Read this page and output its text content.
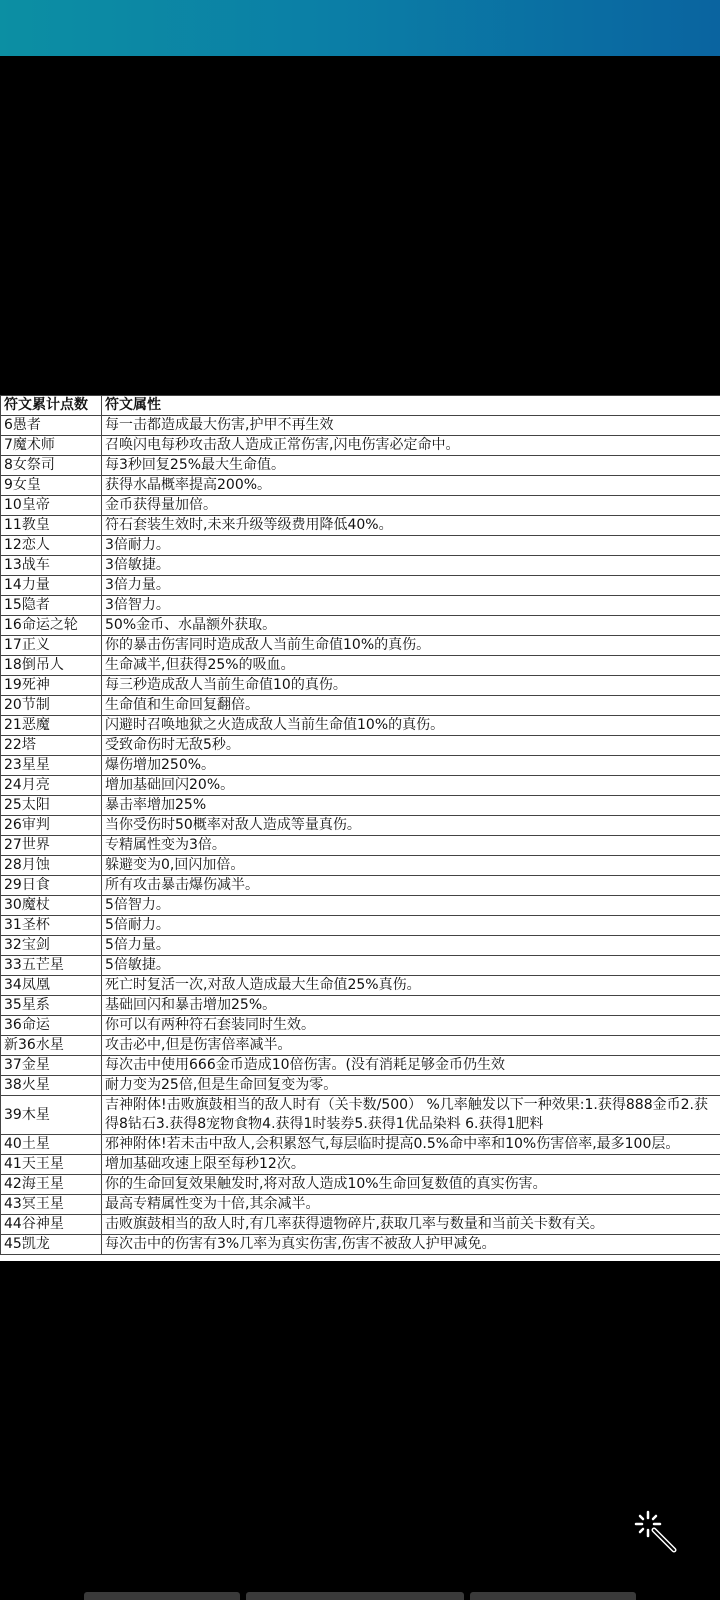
符文累计点数	符文属性
6愚者	每一击都造成最大伤害,护甲不再生效
7魔术师	召唤闪电每秒攻击敌人造成正常伤害,闪电伤害必定命中。
8女祭司	每3秒回复25%最大生命值。
9女皇	获得水晶概率提高200%。
10皇帝	金币获得量加倍。
11教皇	符石套装生效时,未来升级等级费用降低40%。
12恋人	3倍耐力。
13战车	3倍敏捷。
14力量	3倍力量。
15隐者	3倍智力。
16命运之轮	50%金币、水晶额外获取。
17正义	你的暴击伤害同时造成敌人当前生命值10%的真伤。
18倒吊人	生命减半,但获得25%的吸血。
19死神	每三秒造成敌人当前生命值10的真伤。
20节制	生命值和生命回复翻倍。
21恶魔	闪避时召唤地狱之火造成敌人当前生命值10%的真伤。
22塔	受致命伤时无敌5秒。
23星星	爆伤增加250%。
24月亮	增加基础回闪20%。
25太阳	暴击率增加25%
26审判	当你受伤时50概率对敌人造成等量真伤。
27世界	专精属性变为3倍。
28月蚀	躲避变为0,回闪加倍。
29日食	所有攻击暴击爆伤减半。
30魔杖	5倍智力。
31圣杯	5倍耐力。
32宝剑	5倍力量。
33五芒星	5倍敏捷。
34凤凰	死亡时复活一次,对敌人造成最大生命值25%真伤。
35星系	基础回闪和暴击增加25%。
36命运	你可以有两种符石套装同时生效。
新36水星	攻击必中,但是伤害倍率减半。
37金星	每次击中使用666金币造成10倍伤害。(没有消耗足够金币仍生效
38火星	耐力变为25倍,但是生命回复变为零。
39木星	吉神附体!击败旗鼓相当的敌人时有（关卡数/500） %几率触发以下一种效果:1.获得888金币2.获得8钻石3.获得8宠物食物4.获得1时装券5.获得1优品染料 6.获得1肥料
40土星	邪神附体!若未击中敌人,会积累怒气,每层临时提高0.5%命中率和10%伤害倍率,最多100层。
41天王星	增加基础攻速上限至每秒12次。
42海王星	你的生命回复效果触发时,将对敌人造成10%生命回复数值的真实伤害。
43冥王星	最高专精属性变为十倍,其余减半。
44谷神星	击败旗鼓相当的敌人时,有几率获得遗物碎片,获取几率与数量和当前关卡数有关。
45凯龙	每次击中的伤害有3%几率为真实伤害,伤害不被敌人护甲减免。
